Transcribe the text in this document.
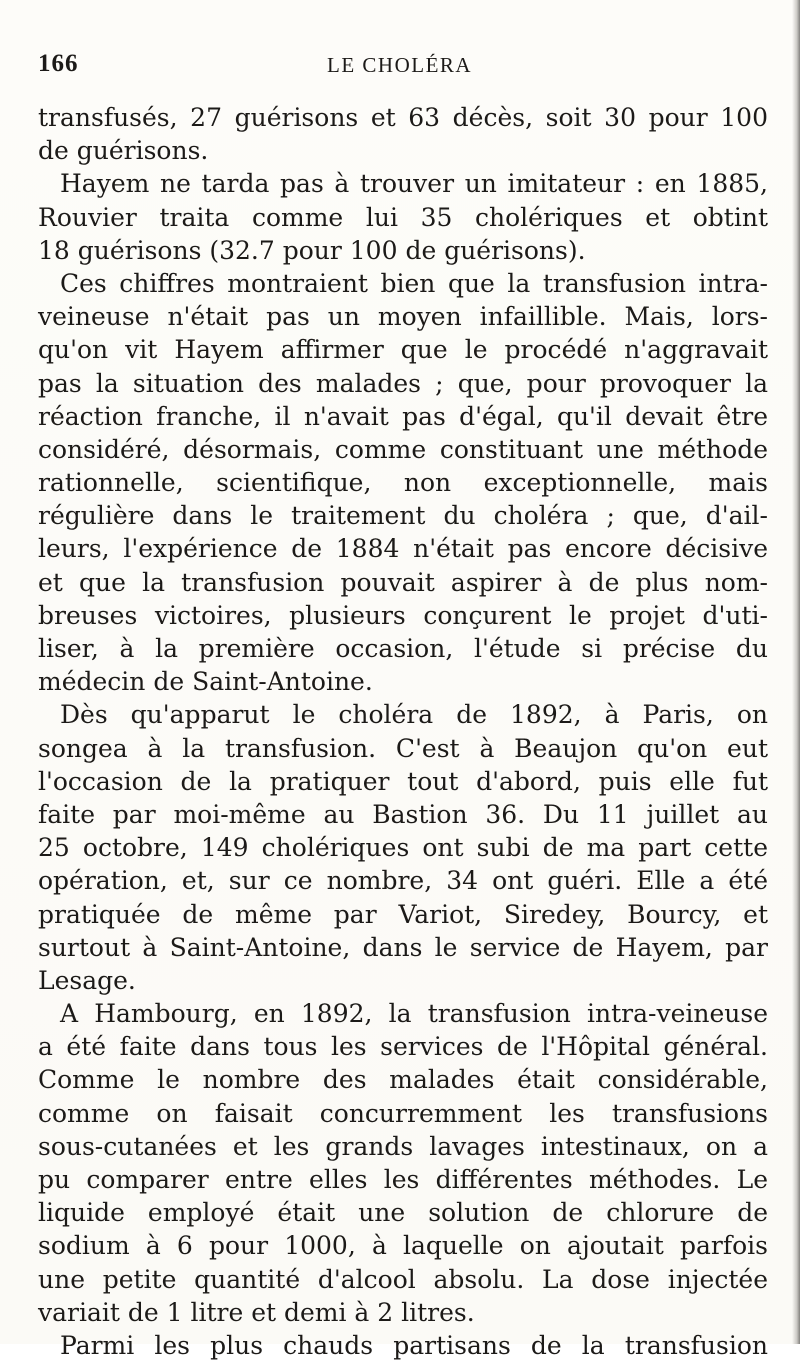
166	LE CHOLÉRA
transfusés, 27 guérisons et 63 décès, soit 30 pour 100
de guérisons.
Hayem ne tarda pas à trouver un imitateur : en 1885,
Rouvier traita comme lui 35 cholériques et obtint
18 guérisons (32.7 pour 100 de guérisons).
Ces chiffres montraient bien que la transfusion intra-
veineuse n'était pas un moyen infaillible. Mais, lors-
qu'on vit Hayem affirmer que le procédé n'aggravait
pas la situation des malades ; que, pour provoquer la
réaction franche, il n'avait pas d'égal, qu'il devait être
considéré, désormais, comme constituant une méthode
rationnelle, scientifique, non exceptionnelle, mais
régulière dans le traitement du choléra ; que, d'ail-
leurs, l'expérience de 1884 n'était pas encore décisive
et que la transfusion pouvait aspirer à de plus nom-
breuses victoires, plusieurs conçurent le projet d'uti-
liser, à la première occasion, l'étude si précise du
médecin de Saint-Antoine.
Dès qu'apparut le choléra de 1892, à Paris, on
songea à la transfusion. C'est à Beaujon qu'on eut
l'occasion de la pratiquer tout d'abord, puis elle fut
faite par moi-même au Bastion 36. Du 11 juillet au
25 octobre, 149 cholériques ont subi de ma part cette
opération, et, sur ce nombre, 34 ont guéri. Elle a été
pratiquée de même par Variot, Siredey, Bourcy, et
surtout à Saint-Antoine, dans le service de Hayem, par
Lesage.
A Hambourg, en 1892, la transfusion intra-veineuse
a été faite dans tous les services de l'Hôpital général.
Comme le nombre des malades était considérable,
comme on faisait concurremment les transfusions
sous-cutanées et les grands lavages intestinaux, on a
pu comparer entre elles les différentes méthodes. Le
liquide employé était une solution de chlorure de
sodium à 6 pour 1000, à laquelle on ajoutait parfois
une petite quantité d'alcool absolu. La dose injectée
variait de 1 litre et demi à 2 litres.
Parmi les plus chauds partisans de la transfusion
